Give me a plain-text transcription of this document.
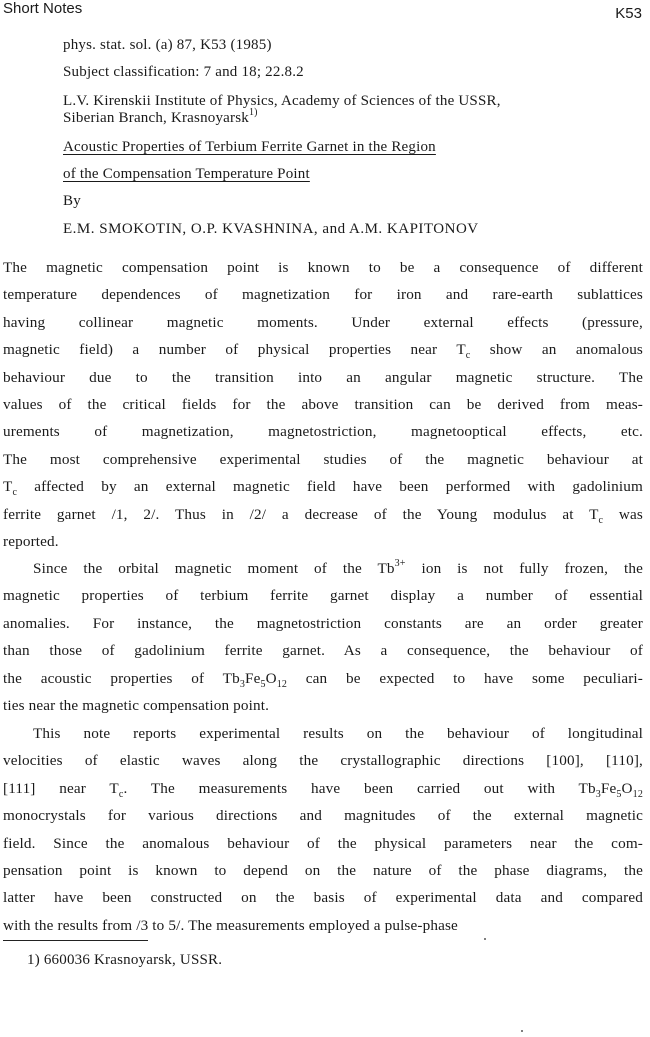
Short Notes	K53
phys. stat. sol. (a) 87, K53 (1985)
Subject classification: 7 and 18; 22.8.2
L.V. Kirenskii Institute of Physics, Academy of Sciences of the USSR,
Siberian Branch, Krasnoyarsk$^{1)}$
Acoustic Properties of Terbium Ferrite Garnet in the Region
of the Compensation Temperature Point
By
E.M. SMOKOTIN, O.P. KVASHNINA, and A.M. KAPITONOV
The magnetic compensation point is known to be a consequence of different
temperature dependences of magnetization for iron and rare-earth sublattices
having collinear magnetic moments. Under external effects (pressure,
magnetic field) a number of physical properties near $T_c$ show an anomalous
behaviour due to the transition into an angular magnetic structure. The
values of the critical fields for the above transition can be derived from meas-
urements of magnetization, magnetostriction, magnetooptical effects, etc.
The most comprehensive experimental studies of the magnetic behaviour at
$T_c$ affected by an external magnetic field have been performed with gadolinium
ferrite garnet /1, 2/. Thus in /2/ a decrease of the Young modulus at $T_c$ was
reported.
Since the orbital magnetic moment of the $Tb^{3+}$ ion is not fully frozen, the
magnetic properties of terbium ferrite garnet display a number of essential
anomalies. For instance, the magnetostriction constants are an order greater
than those of gadolinium ferrite garnet. As a consequence, the behaviour of
the acoustic properties of $Tb_3Fe_5O_{12}$ can be expected to have some peculiari-
ties near the magnetic compensation point.
This note reports experimental results on the behaviour of longitudinal
velocities of elastic waves along the crystallographic directions [100], [110],
[111] near $T_c$. The measurements have been carried out with $Tb_3Fe_5O_{12}$
monocrystals for various directions and magnitudes of the external magnetic
field. Since the anomalous behaviour of the physical parameters near the com-
pensation point is known to depend on the nature of the phase diagrams, the
latter have been constructed on the basis of experimental data and compared
with the results from /3 to 5/. The measurements employed a pulse-phase
1) 660036 Krasnoyarsk, USSR.
